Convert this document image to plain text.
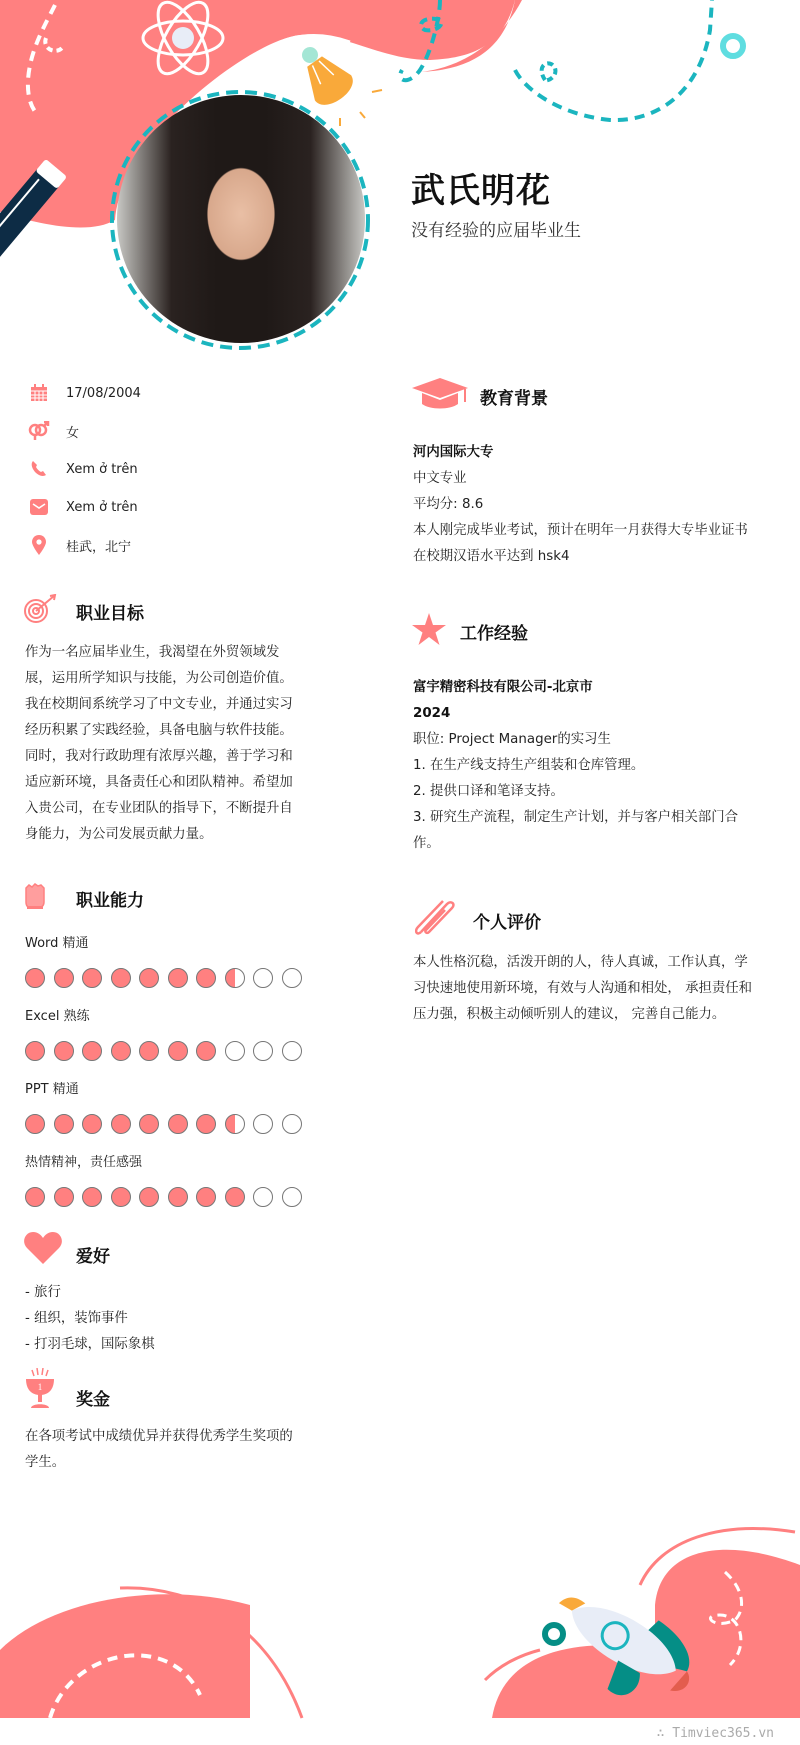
武氏明花
没有经验的应届毕业生
17/08/2004
女
Xem ở trên
Xem ở trên
桂武，北宁
职业目标

作为一名应届毕业生，我渴望在外贸领域发

展，运用所学知识与技能，为公司创造价值。

我在校期间系统学习了中文专业，并通过实习

经历积累了实践经验，具备电脑与软件技能。

同时，我对行政助理有浓厚兴趣，善于学习和

适应新环境，具备责任心和团队精神。希望加

入贵公司，在专业团队的指导下，不断提升自

身能力，为公司发展贡献力量。

职业能力
Word 精通
Excel 熟练
PPT 精通
热情精神，责任感强
爱好

- 旅行

- 组织，装饰事件

- 打羽毛球，国际象棋

1
奖金

在各项考试中成绩优异并获得优秀学生奖项的

学生。

教育背景

河内国际大专

中文专业

平均分: 8.6

本人刚完成毕业考试，预计在明年一月获得大专毕业证书

在校期汉语水平达到 hsk4

工作经验

富宇精密科技有限公司-北京市

2024

职位: Project Manager的实习生

1. 在生产线支持生产组装和仓库管理。

2. 提供口译和笔译支持。

3. 研究生产流程，制定生产计划，并与客户相关部门合

作。

个人评价

本人性格沉稳，活泼开朗的人，待人真诚，工作认真，学

习快速地使用新环境，有效与人沟通和相处， 承担责任和

压力强，积极主动倾听别人的建议， 完善自己能力。

∴ Timviec365.vn
